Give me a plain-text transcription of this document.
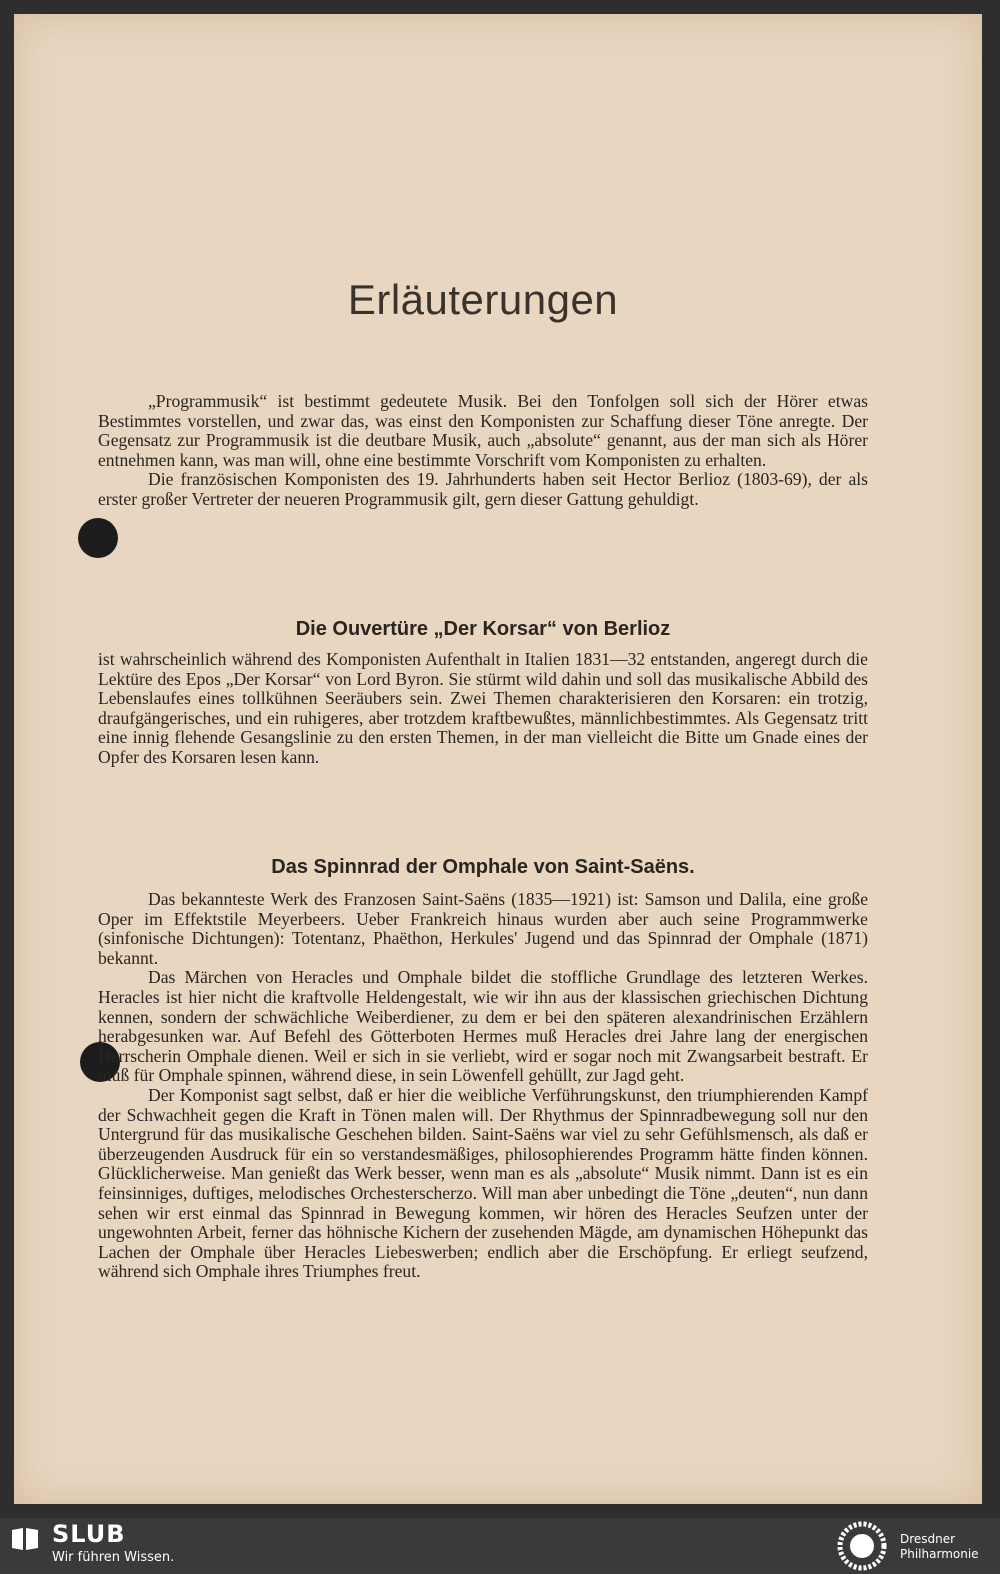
Erläuterungen

„Programmusik“ ist bestimmt gedeutete Musik. Bei den Tonfolgen soll sich der Hörer etwas Bestimmtes vorstellen, und zwar das, was einst den Komponisten zur Schaffung dieser Töne anregte. Der Gegensatz zur Programmusik ist die deutbare Musik, auch „absolute“ genannt, aus der man sich als Hörer entnehmen kann, was man will, ohne eine bestimmte Vorschrift vom Komponisten zu erhalten.

Die französischen Komponisten des 19. Jahrhunderts haben seit Hector Berlioz (1803-69), der als erster großer Vertreter der neueren Programmusik gilt, gern dieser Gattung gehuldigt.

Die Ouvertüre „Der Korsar“ von Berlioz

ist wahrscheinlich während des Komponisten Aufenthalt in Italien 1831—32 entstanden, angeregt durch die Lektüre des Epos „Der Korsar“ von Lord Byron. Sie stürmt wild dahin und soll das musikalische Abbild des Lebenslaufes eines tollkühnen Seeräubers sein. Zwei Themen charakterisieren den Korsaren: ein trotzig, draufgängerisches, und ein ruhigeres, aber trotzdem kraftbewußtes, männlichbestimmtes. Als Gegensatz tritt eine innig flehende Gesangslinie zu den ersten Themen, in der man vielleicht die Bitte um Gnade eines der Opfer des Korsaren lesen kann.

Das Spinnrad der Omphale von Saint-Saëns.

Das bekannteste Werk des Franzosen Saint-Saëns (1835—1921) ist: Samson und Dalila, eine große Oper im Effektstile Meyerbeers. Ueber Frankreich hinaus wurden aber auch seine Programmwerke (sinfonische Dichtungen): Totentanz, Phaëthon, Herkules' Jugend und das Spinnrad der Omphale (1871) bekannt.

Das Märchen von Heracles und Omphale bildet die stoffliche Grundlage des letzteren Werkes. Heracles ist hier nicht die kraftvolle Heldengestalt, wie wir ihn aus der klassischen griechischen Dichtung kennen, sondern der schwächliche Weiberdiener, zu dem er bei den späteren alexandrinischen Erzählern herabgesunken war. Auf Befehl des Götterboten Hermes muß Heracles drei Jahre lang der energischen Herrscherin Omphale dienen. Weil er sich in sie verliebt, wird er sogar noch mit Zwangsarbeit bestraft. Er muß für Omphale spinnen, während diese, in sein Löwenfell gehüllt, zur Jagd geht.

Der Komponist sagt selbst, daß er hier die weibliche Verführungskunst, den triumphierenden Kampf der Schwachheit gegen die Kraft in Tönen malen will. Der Rhythmus der Spinnradbewegung soll nur den Untergrund für das musikalische Geschehen bilden. Saint-Saëns war viel zu sehr Gefühlsmensch, als daß er überzeugenden Ausdruck für ein so verstandesmäßiges, philosophierendes Programm hätte finden können. Glücklicherweise. Man genießt das Werk besser, wenn man es als „absolute“ Musik nimmt. Dann ist es ein feinsinniges, duftiges, melodisches Orchesterscherzo. Will man aber unbedingt die Töne „deuten“, nun dann sehen wir erst einmal das Spinnrad in Bewegung kommen, wir hören des Heracles Seufzen unter der ungewohnten Arbeit, ferner das höhnische Kichern der zusehenden Mägde, am dynamischen Höhepunkt das Lachen der Omphale über Heracles Liebeswerben; endlich aber die Erschöpfung. Er erliegt seufzend, während sich Omphale ihres Triumphes freut.

SLUB
Wir führen Wissen.
Dresdner
Philharmonie
